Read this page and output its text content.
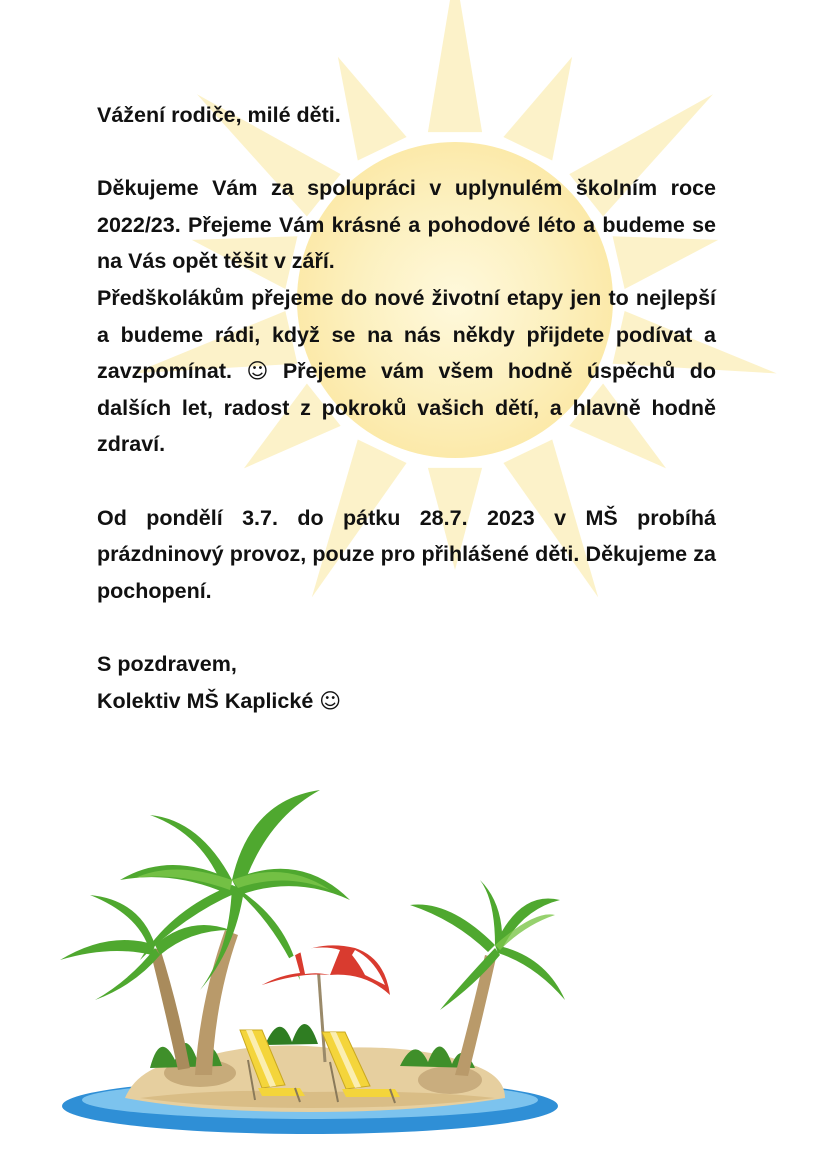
Vážení rodiče, milé děti.

Děkujeme Vám za spolupráci v uplynulém školním roce 2022/23. Přejeme Vám krásné a pohodové léto a budeme se na Vás opět těšit v září.

Předškolákům přejeme do nové životní etapy jen to nejlepší a budeme rádi, když se na nás někdy přijdete podívat a zavzpomínat. ☺ Přejeme vám všem hodně úspěchů do dalších let, radost z pokroků vašich dětí, a hlavně hodně zdraví.

Od pondělí 3.7. do pátku 28.7. 2023 v MŠ probíhá prázdninový provoz, pouze pro přihlášené děti. Děkujeme za pochopení.

S pozdravem,

Kolektiv MŠ Kaplické ☺
